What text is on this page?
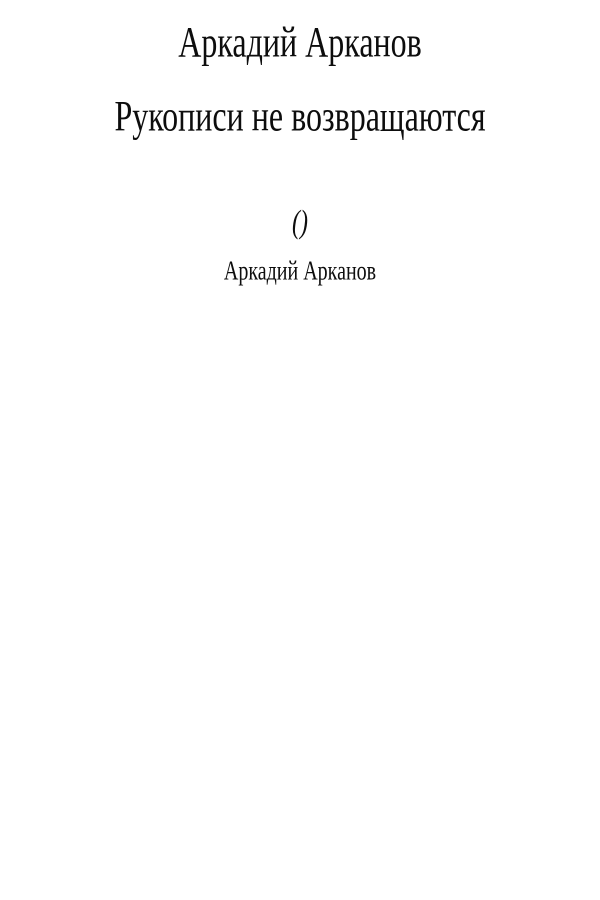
Аркадий Арканов
Рукописи не возвращаются
()
Аркадий Арканов
